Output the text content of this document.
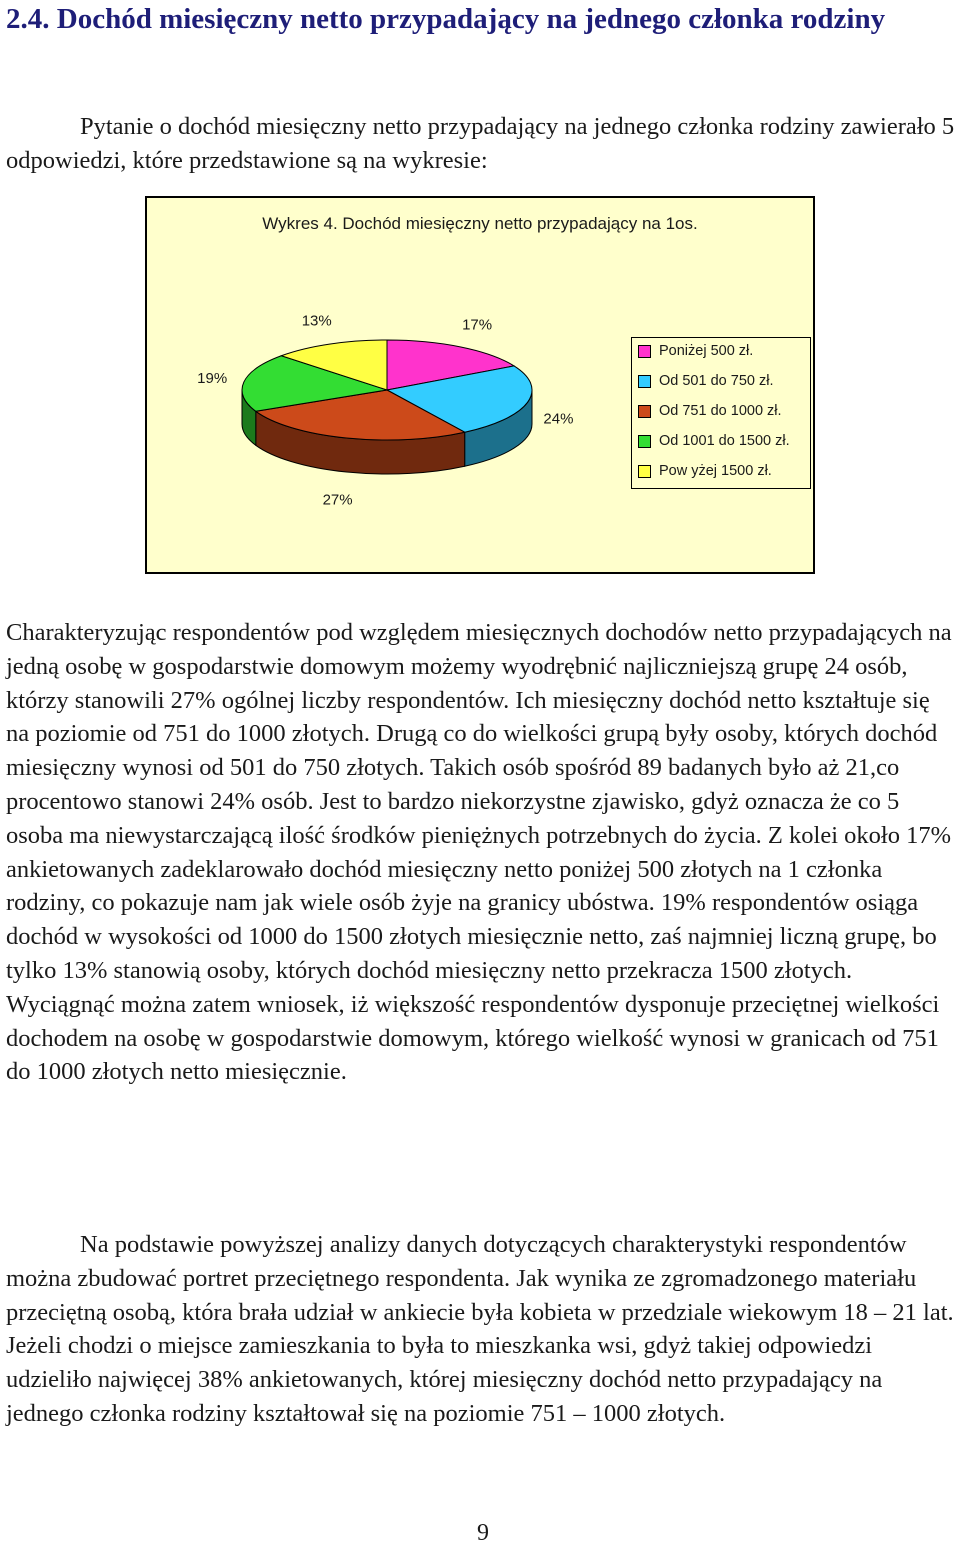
2.4. Dochód miesięczny netto przypadający na jednego członka rodziny

Pytanie o dochód miesięczny netto przypadający na jednego członka rodziny zawierało 5 odpowiedzi, które przedstawione są na wykresie:

Wykres 4. Dochód miesięczny netto przypadający na 1os.
17%
24%
27%
19%
13%
Poniżej 500 zł.
Od 501 do 750 zł.
Od 751 do 1000 zł.
Od 1001 do 1500 zł.
Pow yżej 1500 zł.

Charakteryzując respondentów pod względem miesięcznych dochodów netto przypadających na jedną osobę w gospodarstwie domowym możemy wyodrębnić najliczniejszą grupę 24 osób, którzy stanowili 27% ogólnej liczby respondentów. Ich miesięczny dochód netto kształtuje się na poziomie od 751 do 1000 złotych. Drugą co do wielkości grupą były osoby, których dochód miesięczny wynosi od 501 do 750 złotych. Takich osób spośród 89 badanych było aż 21,co procentowo stanowi 24% osób. Jest to bardzo niekorzystne zjawisko, gdyż oznacza że co 5 osoba ma niewystarczającą ilość środków pieniężnych potrzebnych do życia. Z kolei około 17% ankietowanych zadeklarowało dochód miesięczny netto poniżej 500 złotych na 1 członka rodziny, co pokazuje nam jak wiele osób żyje na granicy ubóstwa. 19% respondentów osiąga dochód w wysokości od 1000 do 1500 złotych miesięcznie netto, zaś najmniej liczną grupę, bo tylko 13% stanowią osoby, których dochód miesięczny netto przekracza 1500 złotych. Wyciągnąć można zatem wniosek, iż większość respondentów dysponuje przeciętnej wielkości dochodem na osobę w gospodarstwie domowym, którego wielkość wynosi w granicach od 751 do 1000 złotych netto miesięcznie.

Na podstawie powyższej analizy danych dotyczących charakterystyki respondentów można zbudować portret przeciętnego respondenta. Jak wynika ze zgromadzonego materiału przeciętną osobą, która brała udział w ankiecie była kobieta w przedziale wiekowym 18 – 21 lat. Jeżeli chodzi o miejsce zamieszkania to była to mieszkanka wsi, gdyż takiej odpowiedzi udzieliło najwięcej 38% ankietowanych, której miesięczny dochód netto przypadający na jednego członka rodziny kształtował się na poziomie 751 – 1000 złotych.

9
